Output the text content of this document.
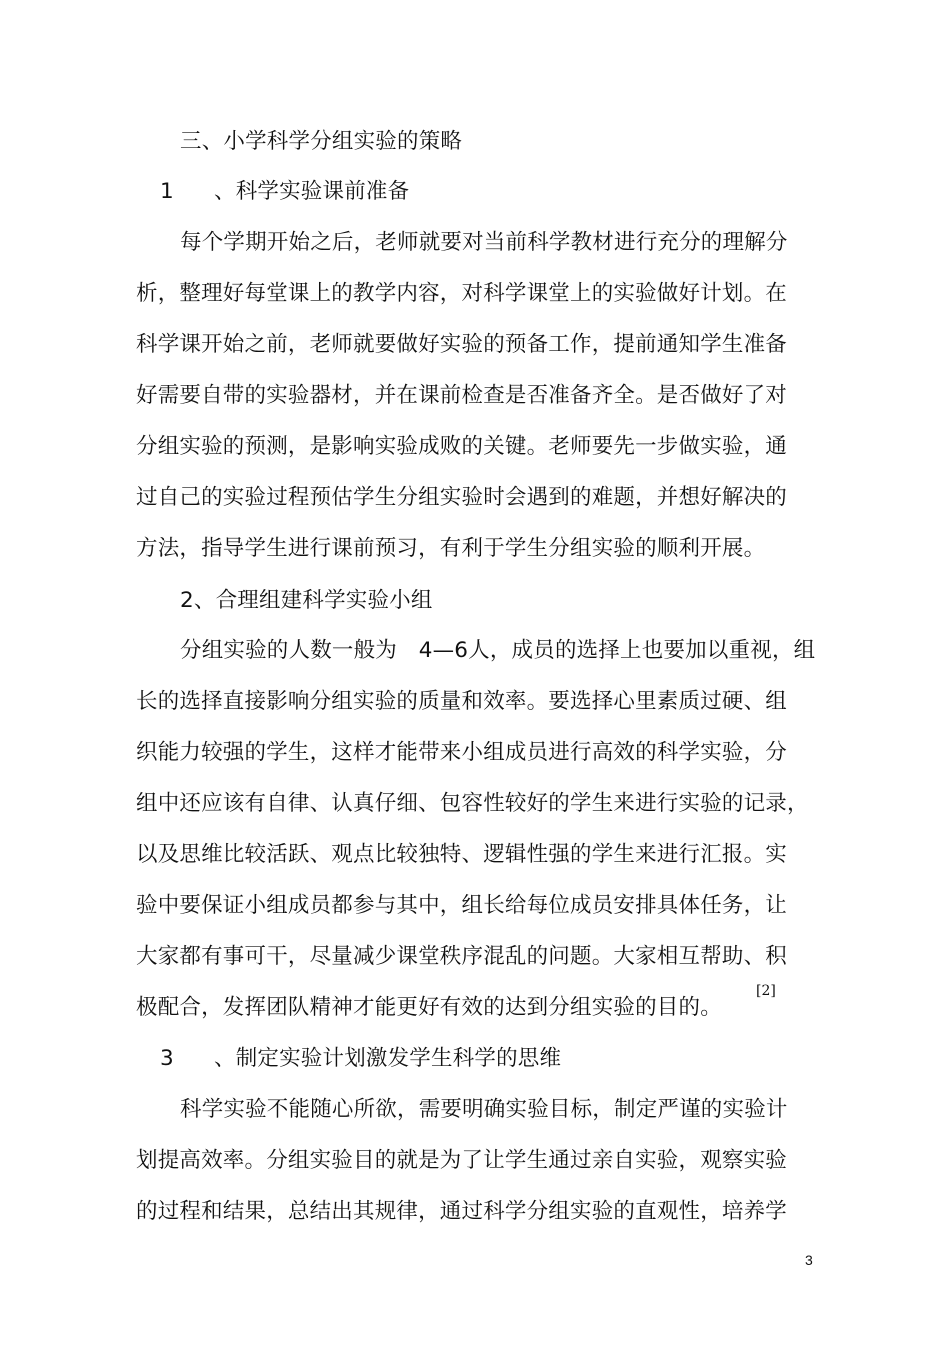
三、小学科学分组实验的策略
1 、科学实验课前准备
每个学期开始之后，老师就要对当前科学教材进行充分的理解分
析，整理好每堂课上的教学内容，对科学课堂上的实验做好计划。在
科学课开始之前，老师就要做好实验的预备工作，提前通知学生准备
好需要自带的实验器材，并在课前检查是否准备齐全。是否做好了对
分组实验的预测，是影响实验成败的关键。老师要先一步做实验，通
过自己的实验过程预估学生分组实验时会遇到的难题，并想好解决的
方法，指导学生进行课前预习，有利于学生分组实验的顺利开展。
2、合理组建科学实验小组
分组实验的人数一般为　4—6人，成员的选择上也要加以重视，组
长的选择直接影响分组实验的质量和效率。要选择心里素质过硬、组
织能力较强的学生，这样才能带来小组成员进行高效的科学实验，分
组中还应该有自律、认真仔细、包容性较好的学生来进行实验的记录，
以及思维比较活跃、观点比较独特、逻辑性强的学生来进行汇报。实
验中要保证小组成员都参与其中，组长给每位成员安排具体任务，让
大家都有事可干，尽量减少课堂秩序混乱的问题。大家相互帮助、积
极配合，发挥团队精神才能更好有效的达到分组实验的目的。
[2]
3 、制定实验计划激发学生科学的思维
科学实验不能随心所欲，需要明确实验目标，制定严谨的实验计
划提高效率。分组实验目的就是为了让学生通过亲自实验，观察实验
的过程和结果，总结出其规律，通过科学分组实验的直观性，培养学
3
